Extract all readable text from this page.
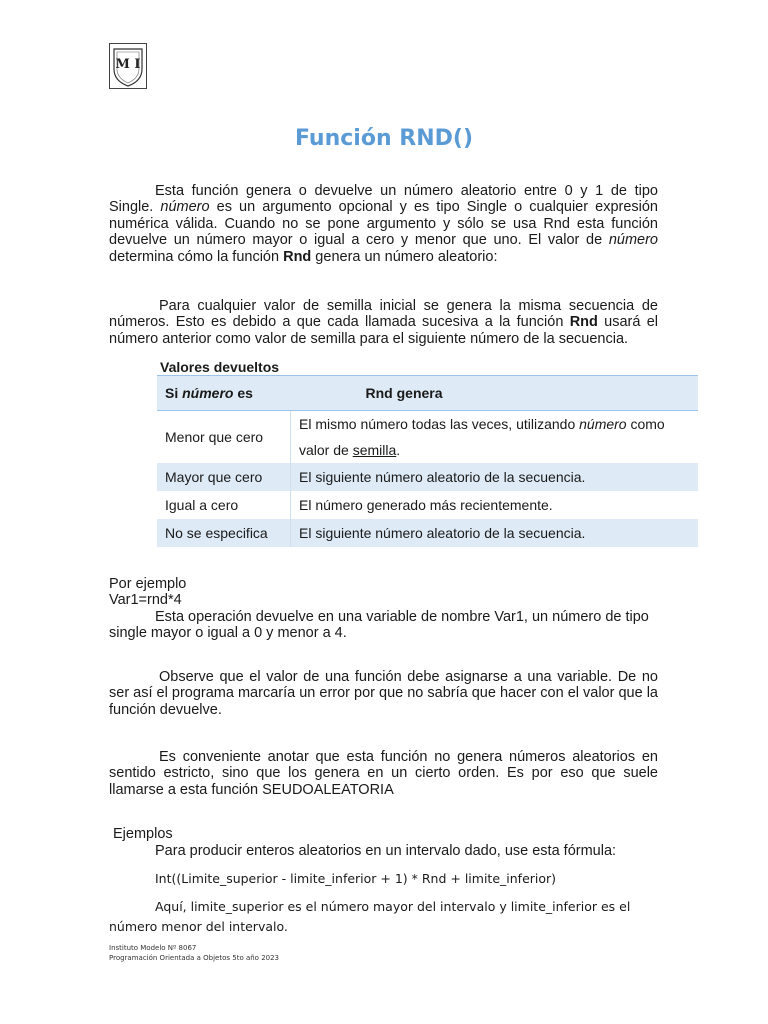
M I
Función RND()

Esta función genera o devuelve un número aleatorio entre 0 y 1 de tipo Single. número es un argumento opcional y es tipo Single o cualquier expresión numérica válida. Cuando no se pone argumento y sólo se usa Rnd esta función devuelve un número mayor o igual a cero y menor que uno. El valor de número determina cómo la función Rnd genera un número aleatorio:

Para cualquier valor de semilla inicial se genera la misma secuencia de números. Esto es debido a que cada llamada sucesiva a la función Rnd usará el número anterior como valor de semilla para el siguiente número de la secuencia.

Valores devueltos
Si número es	Rnd genera
Menor que cero	El mismo número todas las veces, utilizando número como valor de semilla.
Mayor que cero	El siguiente número aleatorio de la secuencia.
Igual a cero	El número generado más recientemente.
No se especifica	El siguiente número aleatorio de la secuencia.
Por ejemplo
Var1=rnd*4

Esta operación devuelve en una variable de nombre Var1, un número de tipo single mayor o igual a 0 y menor a 4.

Observe que el valor de una función debe asignarse a una variable. De no ser así el programa marcaría un error por que no sabría que hacer con el valor que la función devuelve.

Es conveniente anotar que esta función no genera números aleatorios en sentido estricto, sino que los genera en un cierto orden. Es por eso que suele llamarse a esta función SEUDOALEATORIA

Ejemplos
Para producir enteros aleatorios en un intervalo dado, use esta fórmula:
Int((Limite_superior - limite_inferior + 1) * Rnd + limite_inferior)

Aquí, limite_superior es el número mayor del intervalo y limite_inferior es el número menor del intervalo.

Instituto Modelo Nº 8067
Programación Orientada a Objetos 5to año 2023
